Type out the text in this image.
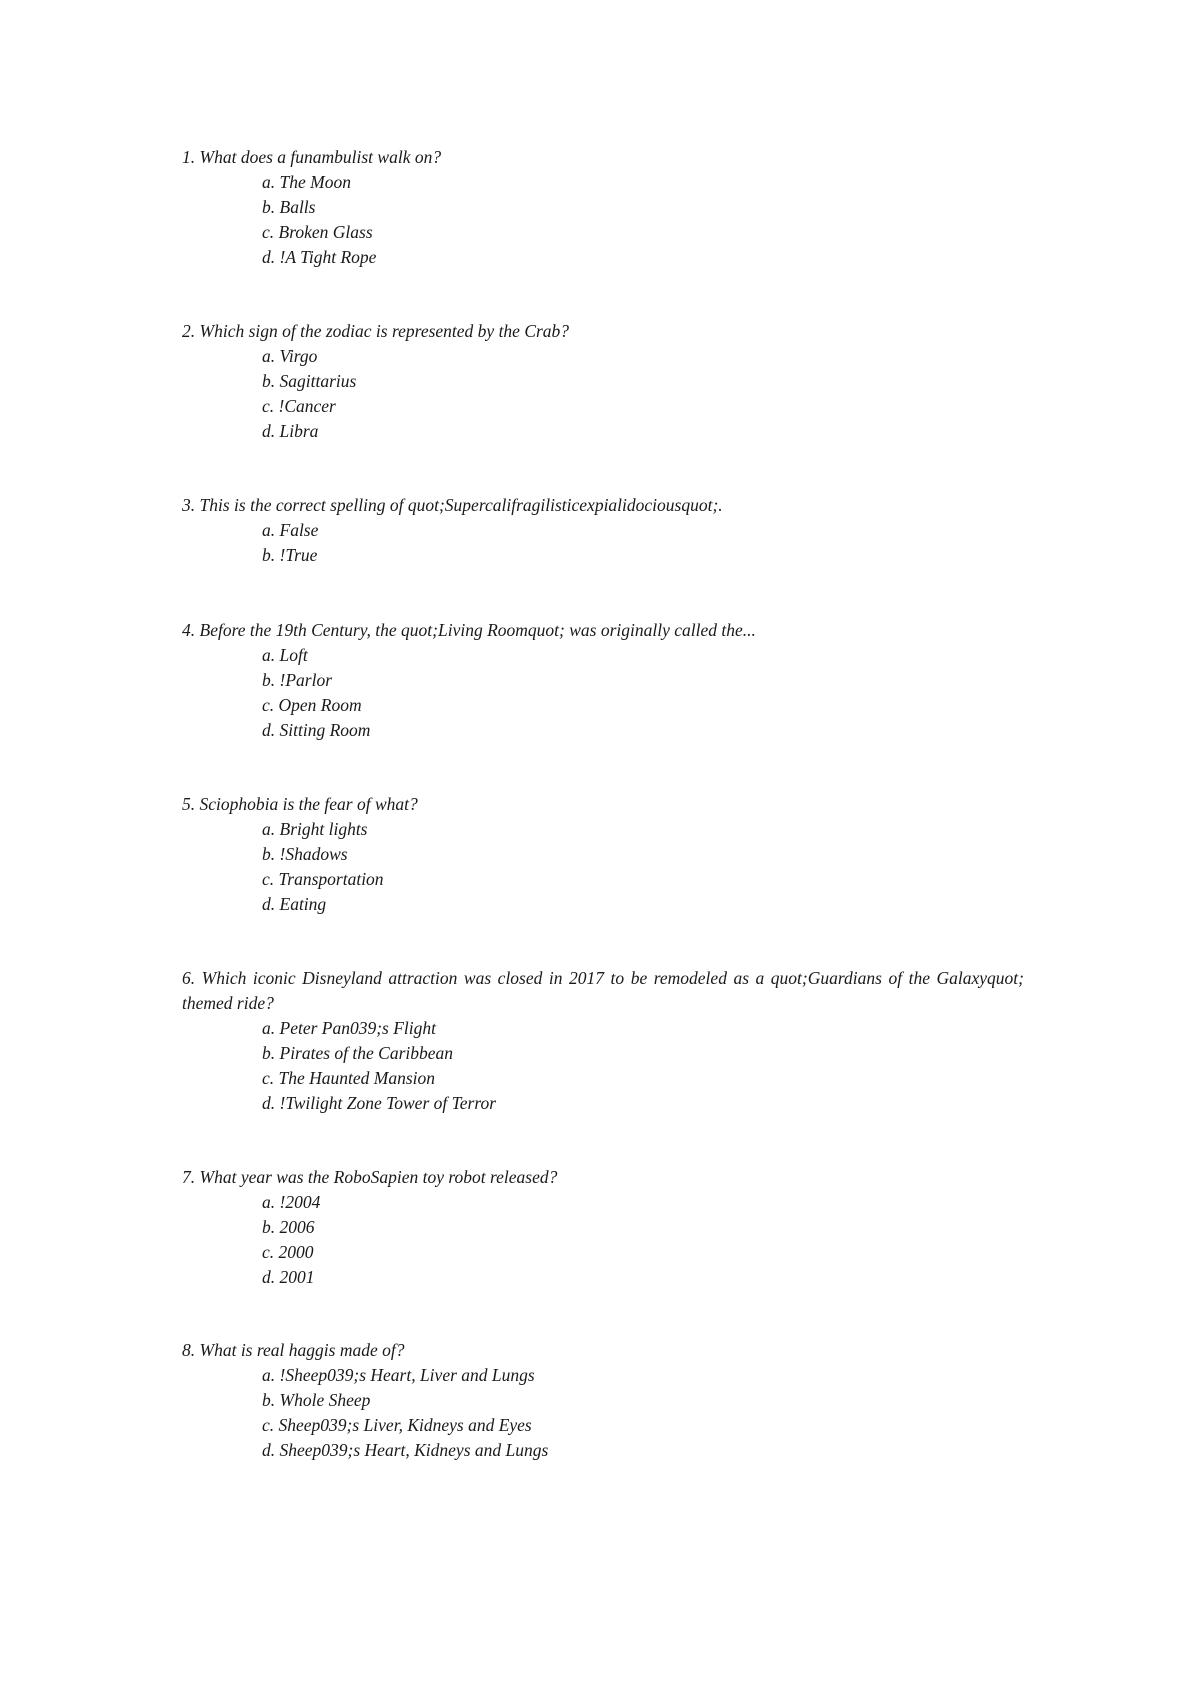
1. What does a funambulist walk on?
a. The Moon
b. Balls
c. Broken Glass
d. !A Tight Rope
2. Which sign of the zodiac is represented by the Crab?
a. Virgo
b. Sagittarius
c. !Cancer
d. Libra
3. This is the correct spelling of quot;Supercalifragilisticexpialidociousquot;.
a. False
b. !True
4. Before the 19th Century, the quot;Living Roomquot; was originally called the...
a. Loft
b. !Parlor
c. Open Room
d. Sitting Room
5. Sciophobia is the fear of what?
a. Bright lights
b. !Shadows
c. Transportation
d. Eating
6. Which iconic Disneyland attraction was closed in 2017 to be remodeled as a quot;Guardians of the Galaxyquot; themed ride?
a. Peter Pan039;s Flight
b. Pirates of the Caribbean
c. The Haunted Mansion
d. !Twilight Zone Tower of Terror
7. What year was the RoboSapien toy robot released?
a. !2004
b. 2006
c. 2000
d. 2001
8. What is real haggis made of?
a. !Sheep039;s Heart, Liver and Lungs
b. Whole Sheep
c. Sheep039;s Liver, Kidneys and Eyes
d. Sheep039;s Heart, Kidneys and Lungs
